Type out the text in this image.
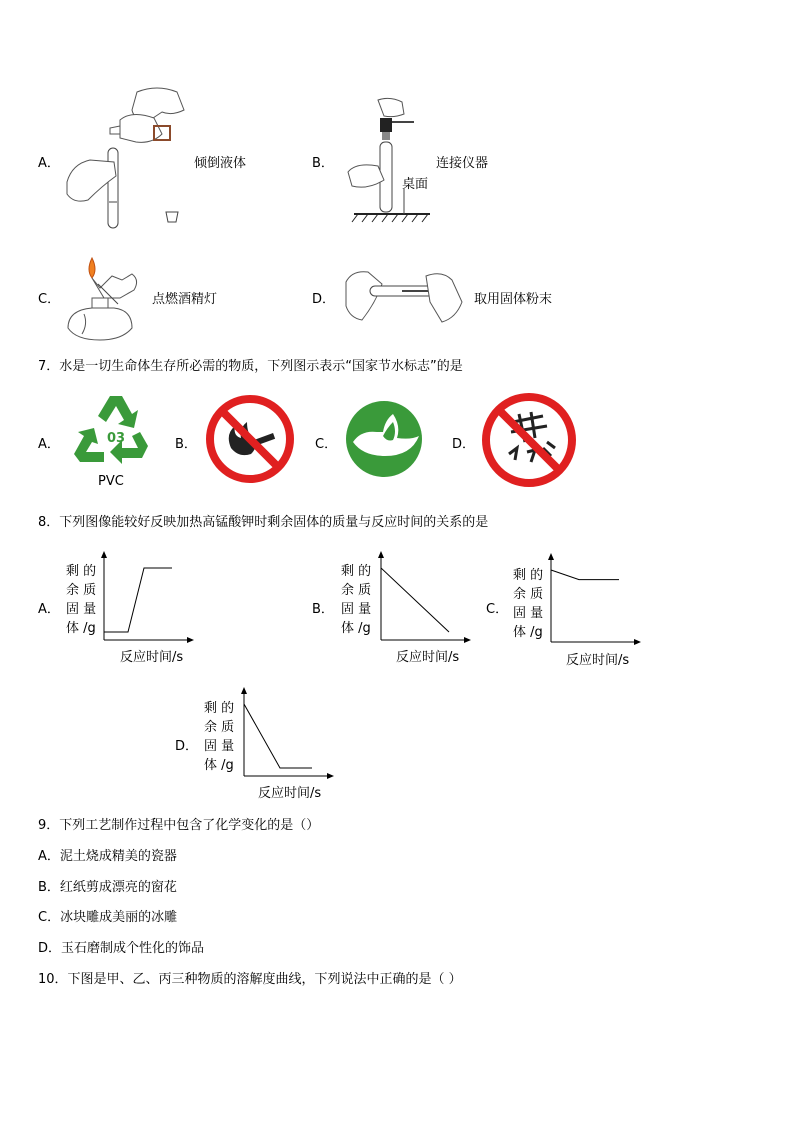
A．	倾倒液体	B．	连接仪器
桌面
C．	点燃酒精灯	D．	取用固体粉末
7．水是一切生命体生存所必需的物质，下列图示表示“国家节水标志”的是
A．	03
PVC
B．	C．	D．
8．下列图像能较好反映加热高锰酸钾时剩余固体的质量与反应时间的关系的是
A．
剩 的
余 质
固 量
体 /g
反应时间/s
B．
剩 的
余 质
固 量
体 /g
反应时间/s
C．
剩 的
余 质
固 量
体 /g
反应时间/s
D．
剩 的
余 质
固 量
体 /g
反应时间/s
9．下列工艺制作过程中包含了化学变化的是（）
A．泥土烧成精美的瓷器
B．红纸剪成漂亮的窗花
C．冰块雕成美丽的冰雕
D．玉石磨制成个性化的饰品
10．下图是甲、乙、丙三种物质的溶解度曲线，下列说法中正确的是（ ）
